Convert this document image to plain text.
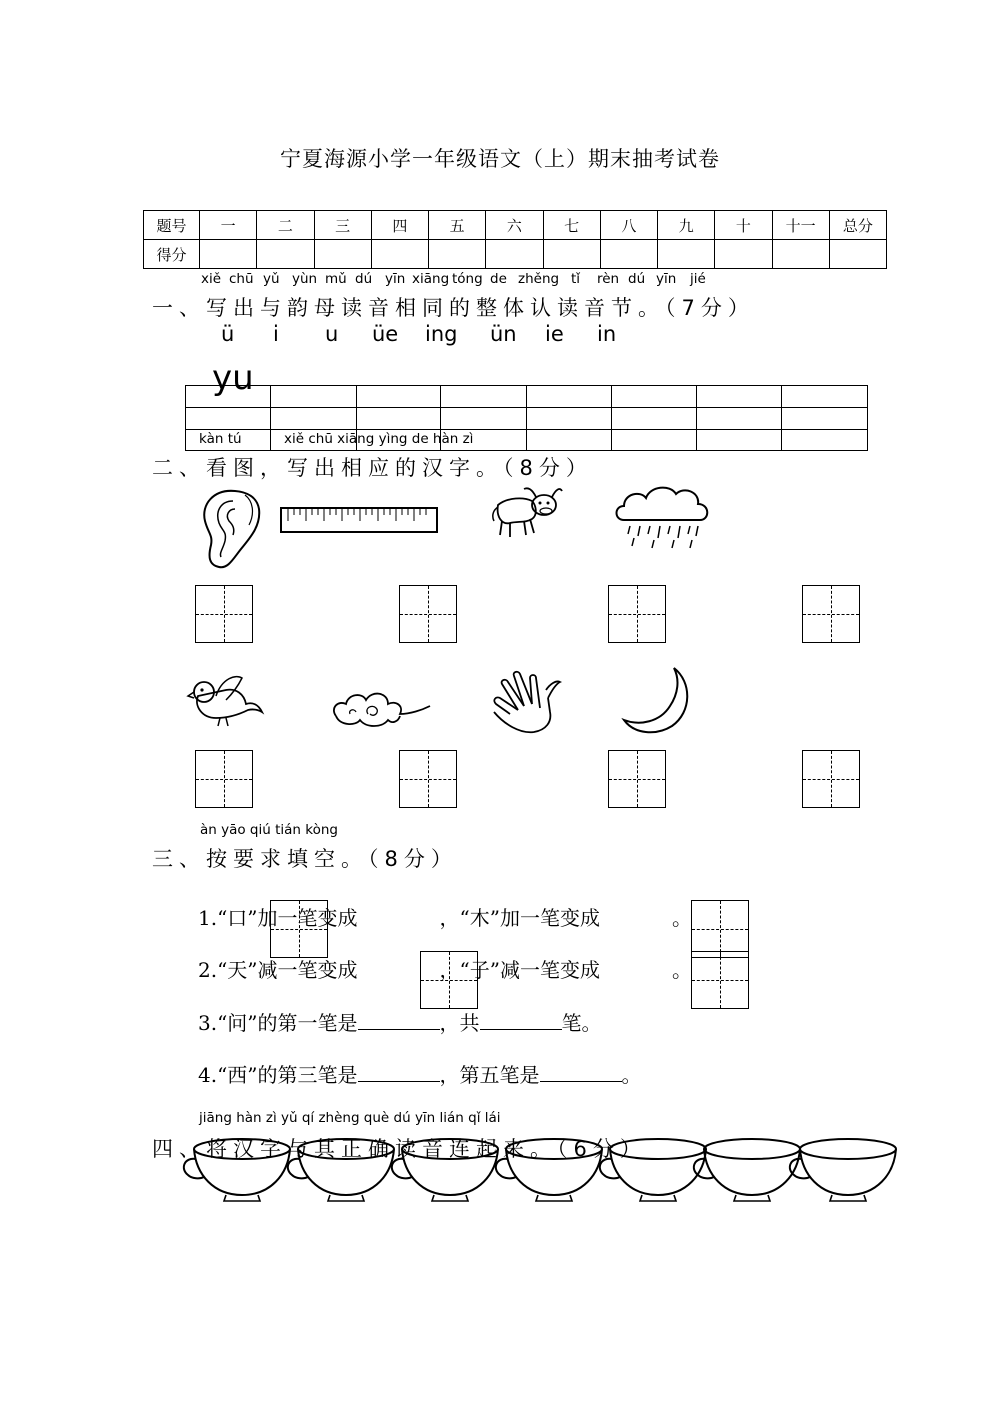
宁夏海源小学一年级语文（上）期末抽考试卷
题号	一	二	三	四	五	六	七	八	九	十	十一	总分
得分												
xiě chū yǔ yùn mǔ dú yīn xiāng tóng de zhěng tǐ rèn dú yīn jié
一、写出与韵母读音相同的整体认读音节。（7分）
ü i u üe ing ün ie in
yu
kàn tú	xiě chū xiāng yìng de hàn zì
二、看图，写出相应的汉字。（8分）
àn yāo qiú tián kòng
三、按要求填空。（8分）
1.“口”加一笔变成	，“木”加一笔变成	。
2.“天”减一笔变成	，“子”减一笔变成	。
3.“问”的第一笔是	，共	笔。
4.“西”的第三笔是	，第五笔是	。
jiāng hàn zì yǔ qí zhèng què dú yīn lián qǐ lái
四、将汉字与其正确读音连起来。（6分）
